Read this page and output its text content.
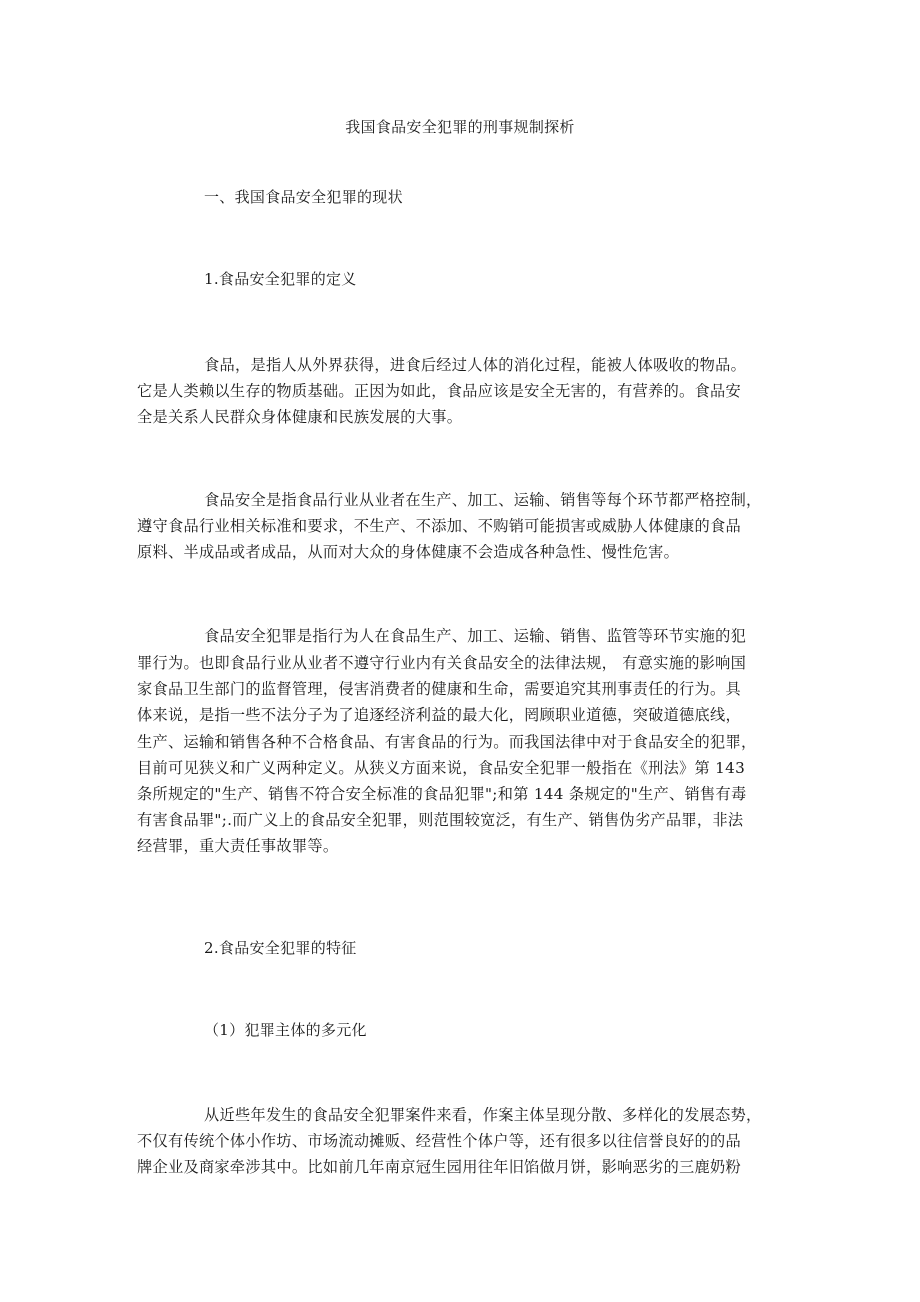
我国食品安全犯罪的刑事规制探析
一、我国食品安全犯罪的现状
1.食品安全犯罪的定义
食品，是指人从外界获得，进食后经过人体的消化过程，能被人体吸收的物品。
它是人类赖以生存的物质基础。正因为如此，食品应该是安全无害的，有营养的。食品安
全是关系人民群众身体健康和民族发展的大事。
食品安全是指食品行业从业者在生产、加工、运输、销售等每个环节都严格控制，
遵守食品行业相关标准和要求，不生产、不添加、不购销可能损害或威胁人体健康的食品
原料、半成品或者成品，从而对大众的身体健康不会造成各种急性、慢性危害。
食品安全犯罪是指行为人在食品生产、加工、运输、销售、监管等环节实施的犯
罪行为。也即食品行业从业者不遵守行业内有关食品安全的法律法规， 有意实施的影响国
家食品卫生部门的监督管理，侵害消费者的健康和生命，需要追究其刑事责任的行为。具
体来说，是指一些不法分子为了追逐经济利益的最大化，罔顾职业道德，突破道德底线，
生产、运输和销售各种不合格食品、有害食品的行为。而我国法律中对于食品安全的犯罪，
目前可见狭义和广义两种定义。从狭义方面来说，食品安全犯罪一般指在《刑法》第 143
条所规定的"生产、销售不符合安全标准的食品犯罪";和第 144 条规定的"生产、销售有毒
有害食品罪";.而广义上的食品安全犯罪，则范围较宽泛，有生产、销售伪劣产品罪，非法
经营罪，重大责任事故罪等。
2.食品安全犯罪的特征
（1）犯罪主体的多元化
从近些年发生的食品安全犯罪案件来看，作案主体呈现分散、多样化的发展态势，
不仅有传统个体小作坊、市场流动摊贩、经营性个体户等，还有很多以往信誉良好的的品
牌企业及商家牵涉其中。比如前几年南京冠生园用往年旧馅做月饼，影响恶劣的三鹿奶粉
